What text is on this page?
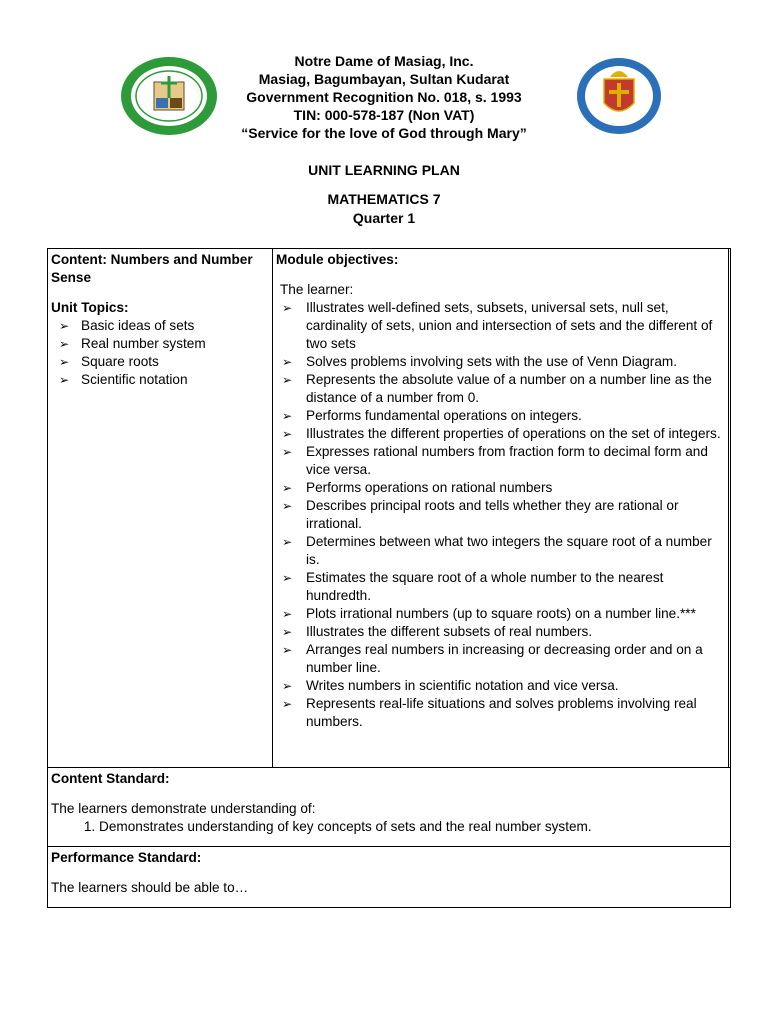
Notre Dame of Masiag, Inc.
Masiag, Bagumbayan, Sultan Kudarat
Government Recognition No. 018, s. 1993
TIN: 000-578-187 (Non VAT)
“Service for the love of God through Mary”
UNIT LEARNING PLAN
MATHEMATICS 7
Quarter 1
Content: Numbers and Number Sense
Unit Topics:
➢ Basic ideas of sets
➢ Real number system
➢ Square roots
➢ Scientific notation

Module objectives:
The learner:
➢ Illustrates well-defined sets, subsets, universal sets, null set, cardinality of sets, union and intersection of sets and the different of two sets
➢ Solves problems involving sets with the use of Venn Diagram.
➢ Represents the absolute value of a number on a number line as the distance of a number from 0.
➢ Performs fundamental operations on integers.
➢ Illustrates the different properties of operations on the set of integers.
➢ Expresses rational numbers from fraction form to decimal form and vice versa.
➢ Performs operations on rational numbers
➢ Describes principal roots and tells whether they are rational or irrational.
➢ Determines between what two integers the square root of a number is.
➢ Estimates the square root of a whole number to the nearest hundredth.
➢ Plots irrational numbers (up to square roots) on a number line.***
➢ Illustrates the different subsets of real numbers.
➢ Arranges real numbers in increasing or decreasing order and on a number line.
➢ Writes numbers in scientific notation and vice versa.
➢ Represents real-life situations and solves problems involving real numbers.

Content Standard:
The learners demonstrate understanding of:
1. Demonstrates understanding of key concepts of sets and the real number system.

Performance Standard:
The learners should be able to…
